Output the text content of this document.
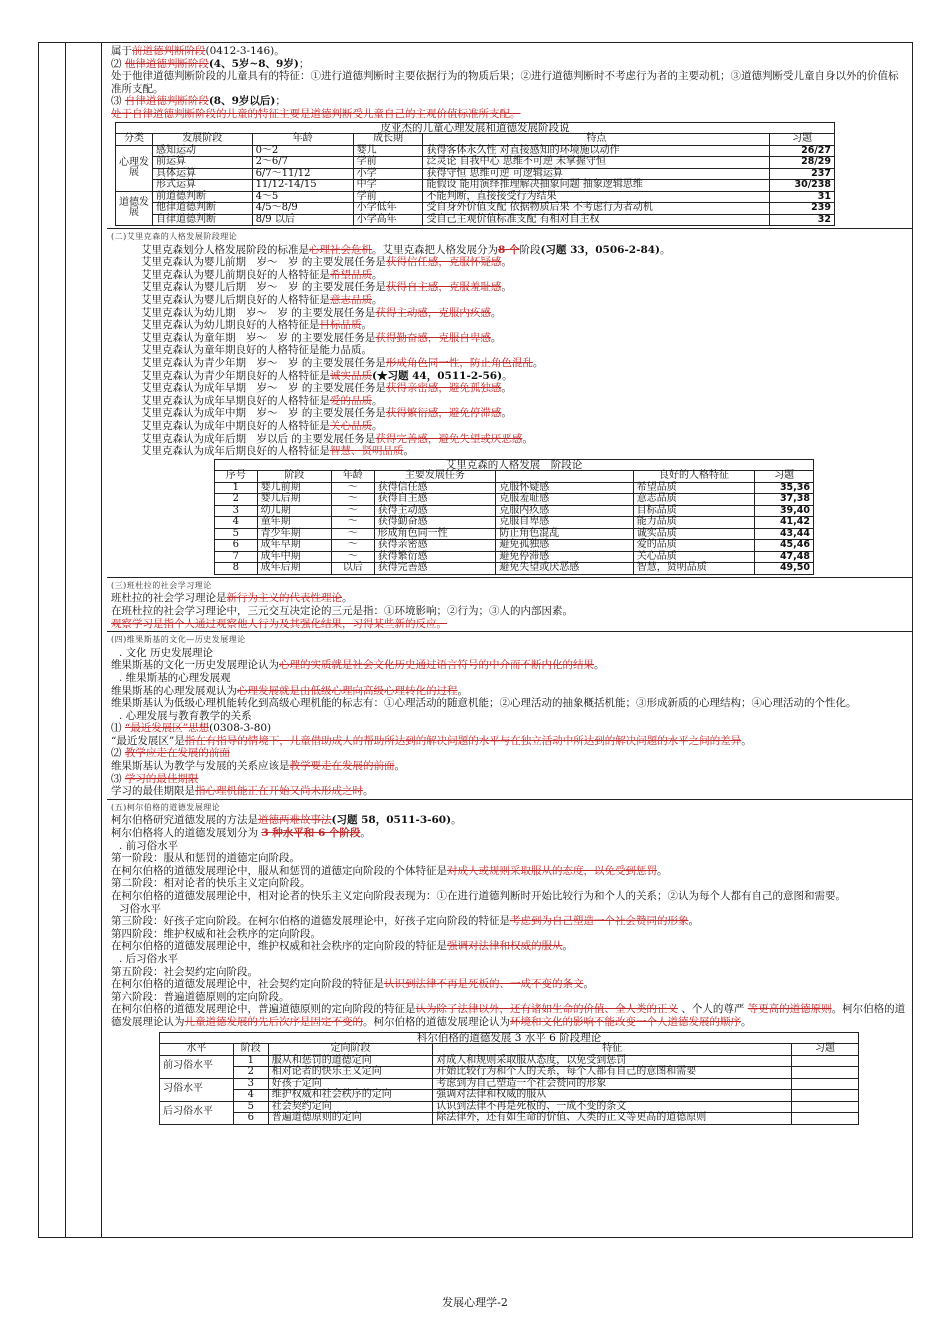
属于前道德判断阶段(0412-3-146)。
⑵ 他律道德判断阶段(4、5岁~8、9岁)；
处于他律道德判断阶段的儿童具有的特征：①进行道德判断时主要依据行为的物质后果；②进行道德判断时不考虑行为者的主要动机；③道德判断受儿童自身以外的价值标准所支配。
⑶ 自律道德判断阶段(8、9岁以后)；
处于自律道德判断阶段的儿童的特征主要是道德判断受儿童自己的主观价值标准所支配。
皮亚杰的儿童心理发展和道德发展阶段说
分类	发展阶段	年龄	成长期	特点	习题
心理发展	感知运动	0～2	婴儿	获得客体永久性 对直接感知的环境施以动作	26/27
	前运算	2～6/7	学前	泛灵论 自我中心 思维不可逆 未掌握守恒	28/29
	具体运算	6/7～11/12	小学	获得守恒 思维可逆 可逻辑运算	237
	形式运算	11/12-14/15	中学	能假设 能用演绎推理解决抽象问题 抽象逻辑思维	30/238
道德发展	前道德判断	4～5	学前	不能判断，直接接受行为结果	31
	他律道德判断	4/5～8/9	小学低年	受自身外价值支配 依据物质后果 不考虑行为者动机	239
	自律道德判断	8/9 以后	小学高年	受自己主观价值标准支配 有相对自主权	32
(二)艾里克森的人格发展阶段理论
艾里克森划分人格发展阶段的标准是心理社会危机。艾里克森把人格发展分为8 个阶段(习题 33，0506-2-84)。
艾里克森认为婴儿前期　岁～　岁 的主要发展任务是获得信任感，克服怀疑感。
艾里克森认为婴儿前期良好的人格特征是希望品质。
艾里克森认为婴儿后期　岁～　岁 的主要发展任务是获得自主感，克服羞耻感。
艾里克森认为婴儿后期良好的人格特征是意志品质。
艾里克森认为幼儿期　岁～　岁 的主要发展任务是获得主动感，克服内疚感。
艾里克森认为幼儿期良好的人格特征是目标品质。
艾里克森认为童年期　岁～　岁 的主要发展任务是获得勤奋感，克服自卑感。
艾里克森认为童年期良好的人格特征是能力品质。
艾里克森认为青少年期　岁～　岁 的主要发展任务是形成角色同一性，防止角色混乱。
艾里克森认为青少年期良好的人格特征是诚实品质(★习题 44，0511-2-56)。
艾里克森认为成年早期　岁～　岁 的主要发展任务是获得亲密感，避免孤独感。
艾里克森认为成年早期良好的人格特征是爱的品质。
艾里克森认为成年中期　岁～　岁 的主要发展任务是获得繁衍感，避免停滞感。
艾里克森认为成年中期良好的人格特征是关心品质。
艾里克森认为成年后期　岁以后 的主要发展任务是获得完善感，避免失望或厌恶感。
艾里克森认为成年后期良好的人格特征是智慧、贤明品质。
艾里克森的人格发展　阶段论
序号	阶段	年龄	主要发展任务		良好的人格特征	习题
1	婴儿前期	～	获得信任感	克服怀疑感	希望品质	35,36
2	婴儿后期	～	获得自主感	克服羞耻感	意志品质	37,38
3	幼儿期	～	获得主动感	克服内疚感	目标品质	39,40
4	童年期	～	获得勤奋感	克服自卑感	能力品质	41,42
5	青少年期	～	形成角色同一性	防止角色混乱	诚实品质	43,44
6	成年早期	～	获得亲密感	避免孤独感	爱的品质	45,46
7	成年中期	～	获得繁衍感	避免停滞感	关心品质	47,48
8	成年后期	以后	获得完善感	避免失望或厌恶感	智慧，贤明品质	49,50
(三)班杜拉的社会学习理论
班杜拉的社会学习理论是新行为主义的代表性理论。
在班杜拉的社会学习理论中，三元交互决定论的三元是指：①环境影响；②行为；③人的内部因素。
观察学习是指个人通过观察他人行为及其强化结果，习得某些新的反应。
(四)维果斯基的文化—历史发展理论
. 文化 历史发展理论
维果斯基的文化一历史发展理论认为心理的实质就是社会文化历史通过语言符号的中介而不断内化的结果。
. 维果斯基的心理发展观
维果斯基的心理发展观认为心理发展就是由低级心理向高级心理转化的过程。
维果斯基认为低级心理机能转化到高级心理机能的标志有：①心理活动的随意机能；②心理活动的抽象概括机能；③形成新质的心理结构；④心理活动的个性化。
. 心理发展与教育教学的关系
⑴ “最近发展区”思想(0308-3-80)
“最近发展区”是指在有指导的情境下，儿童借助成人的帮助所达到的解决问题的水平与在独立活动中所达到的解决问题的水平之间的差异。
⑵ 教学应走在发展的前面
维果斯基认为教学与发展的关系应该是教学要走在发展的前面。
⑶ 学习的最佳期限
学习的最佳期限是指心理机能正在开始又尚未形成之时。
(五)柯尔伯格的道德发展理论
柯尔伯格研究道德发展的方法是道德两难故事法(习题 58，0511-3-60)。
柯尔伯格将人的道德发展划分为 3 种水平和 6 个阶段。
. 前习俗水平
第一阶段：服从和惩罚的道德定向阶段。
在柯尔伯格的道德发展理论中，服从和惩罚的道德定向阶段的个体特征是对成人或规则采取服从的态度，以免受到惩罚。
第二阶段：相对论者的快乐主义定向阶段。
在柯尔伯格的道德发展理论中，相对论者的快乐主义定向阶段表现为：①在进行道德判断时开始比较行为和个人的关系；②认为每个人都有自己的意图和需要。
习俗水平
第三阶段：好孩子定向阶段。在柯尔伯格的道德发展理论中，好孩子定向阶段的特征是考虑到为自己塑造一个社会赞同的形象。
第四阶段：维护权威和社会秩序的定向阶段。
在柯尔伯格的道德发展理论中，维护权威和社会秩序的定向阶段的特征是强调对法律和权威的服从。
. 后习俗水平
第五阶段：社会契约定向阶段。
在柯尔伯格的道德发展理论中，社会契约定向阶段的特征是认识到法律不再是死板的、一成不变的条文。
第六阶段：普遍道德原则的定向阶段。
在柯尔伯格的道德发展理论中，普遍道德原则的定向阶段的特征是认为除了法律以外，还有诸如生命的价值、全人类的正义 、个人的尊严 等更高的道德原则。柯尔伯格的道德发展理论认为儿童道德发展的先后次序是固定不变的。柯尔伯格的道德发展理论认为环境和文化的影响不能改变一个人道德发展的顺序。
科尔伯格的道德发展 3 水平 6 阶段理论
水平	阶段	定向阶段	特征	习题
前习俗水平	1	服从和惩罚的道德定向	对成人和规则采取服从态度，以免受到惩罚	
	2	相对论者的快乐主义定向	开始比较行为和个人的关系，每个人都有自己的意图和需要	
习俗水平	3	好孩子定向	考虑到为自己塑造一个社会赞同的形象	
	4	维护权威和社会秩序的定向	强调对法律和权威的服从	
后习俗水平	5	社会契约定向	认识到法律不再是死板的、一成不变的条文	
	6	普遍道德原则的定向	除法律外，还有如生命的价值、人类的正义等更高的道德原则	
发展心理学-2
